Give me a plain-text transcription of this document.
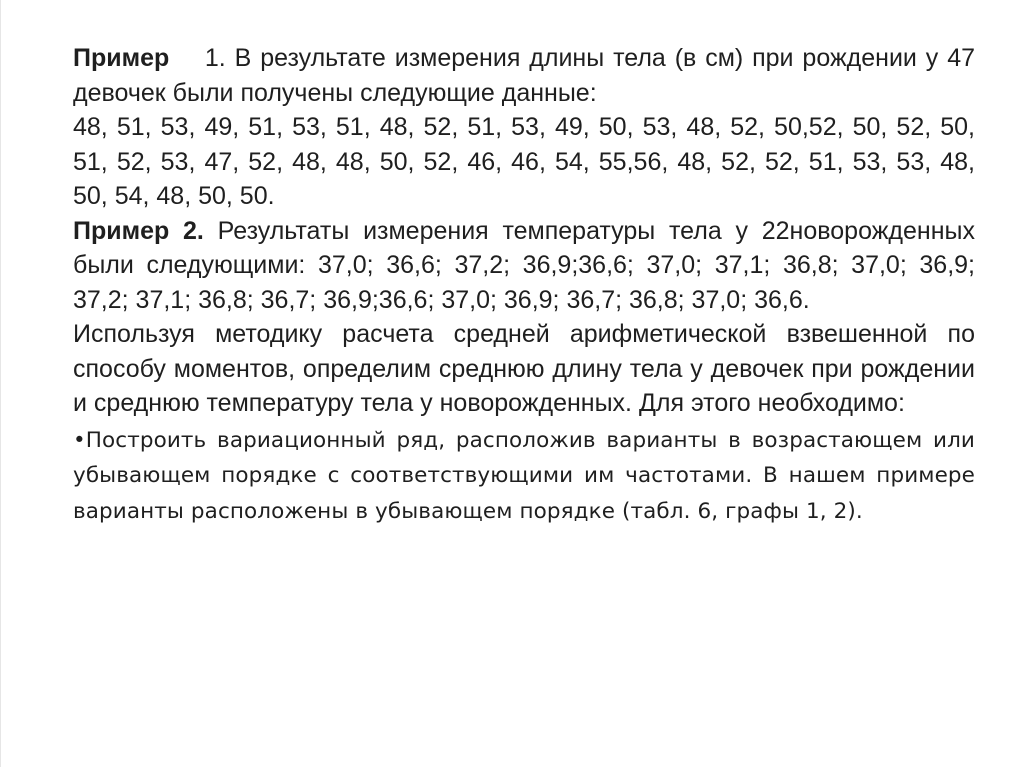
Пример 1. В результате измерения длины тела (в см) при рождении у 47 девочек были получены следующие данные:

48, 51, 53, 49, 51, 53, 51, 48, 52, 51, 53, 49, 50, 53, 48, 52, 50,52, 50, 52, 50, 51, 52, 53, 47, 52, 48, 48, 50, 52, 46, 46, 54, 55,56, 48, 52, 52, 51, 53, 53, 48, 50, 54, 48, 50, 50.

Пример 2. Результаты измерения температуры тела у 22новорожденных были следующими: 37,0; 36,6; 37,2; 36,9;36,6; 37,0; 37,1; 36,8; 37,0; 36,9; 37,2; 37,1; 36,8; 36,7; 36,9;36,6; 37,0; 36,9; 36,7; 36,8; 37,0; 36,6.

Используя методику расчета средней арифметической взвешенной по способу моментов, определим среднюю длину тела у девочек при рождении и среднюю температуру тела у новорожденных. Для этого необходимо:

•Построить вариационный ряд, расположив варианты в возрастающем или убывающем порядке с соответствующими им частотами. В нашем примере варианты расположены в убывающем порядке (табл. 6, графы 1, 2).
